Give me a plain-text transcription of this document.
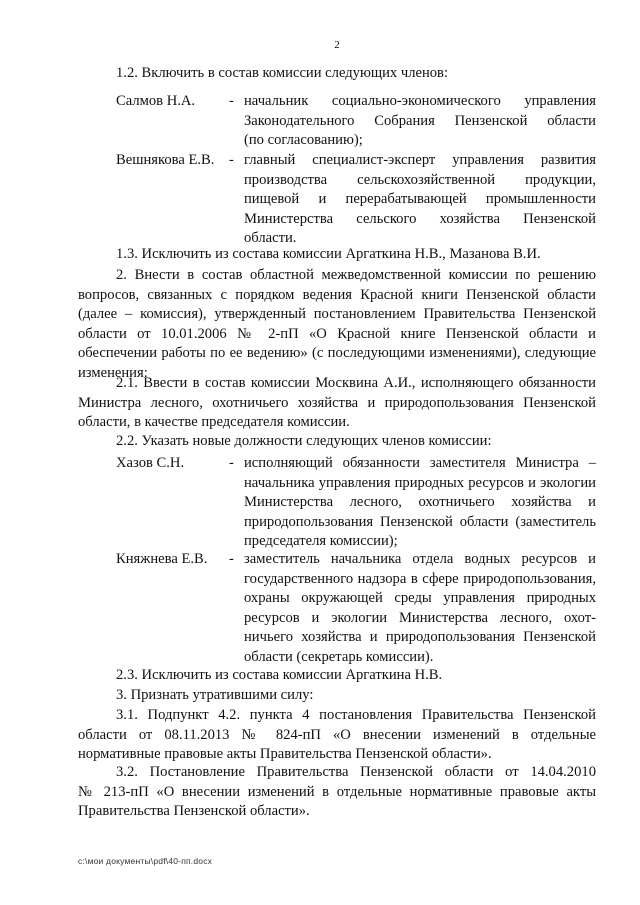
2
1.2. Включить в состав комиссии следующих членов:
Салмов Н.А.	- начальник социально-экономического управления
Законодательного Собрания Пензенской области
(по согласованию);
Вешнякова Е.В.	- главный специалист-эксперт управления развития
производства сельскохозяйственной продукции,
пищевой и перерабатывающей промышленности
Министерства сельского хозяйства Пензенской
области.
1.3. Исключить из состава комиссии Аргаткина Н.В., Мазанова В.И.
2. Внести в состав областной межведомственной комиссии по решению
вопросов, связанных с порядком ведения Красной книги Пензенской области
(далее – комиссия), утвержденный постановлением Правительства Пензенской
области от 10.01.2006 № 2-пП «О Красной книге Пензенской области и
обеспечении работы по ее ведению» (с последующими изменениями), следующие
изменения:
2.1. Ввести в состав комиссии Москвина А.И., исполняющего обязанности
Министра лесного, охотничьего хозяйства и природопользования Пензенской
области, в качестве председателя комиссии.
2.2. Указать новые должности следующих членов комиссии:
Хазов С.Н.	- исполняющий обязанности заместителя Министра –
начальника управления природных ресурсов и экологии
Министерства лесного, охотничьего хозяйства и
природопользования Пензенской области (заместитель
председателя комиссии);
Княжнева Е.В.	- заместитель начальника отдела водных ресурсов и
государственного надзора в сфере природопользования,
охраны окружающей среды управления природных
ресурсов и экологии Министерства лесного, охот-
ничьего хозяйства и природопользования Пензенской
области (секретарь комиссии).
2.3. Исключить из состава комиссии Аргаткина Н.В.
3. Признать утратившими силу:
3.1. Подпункт 4.2. пункта 4 постановления Правительства Пензенской
области от 08.11.2013 № 824-пП «О внесении изменений в отдельные
нормативные правовые акты Правительства Пензенской области».
3.2. Постановление Правительства Пензенской области от 14.04.2010
№ 213-пП «О внесении изменений в отдельные нормативные правовые акты
Правительства Пензенской области».
c:\мои документы\pdf\40-пп.docx
